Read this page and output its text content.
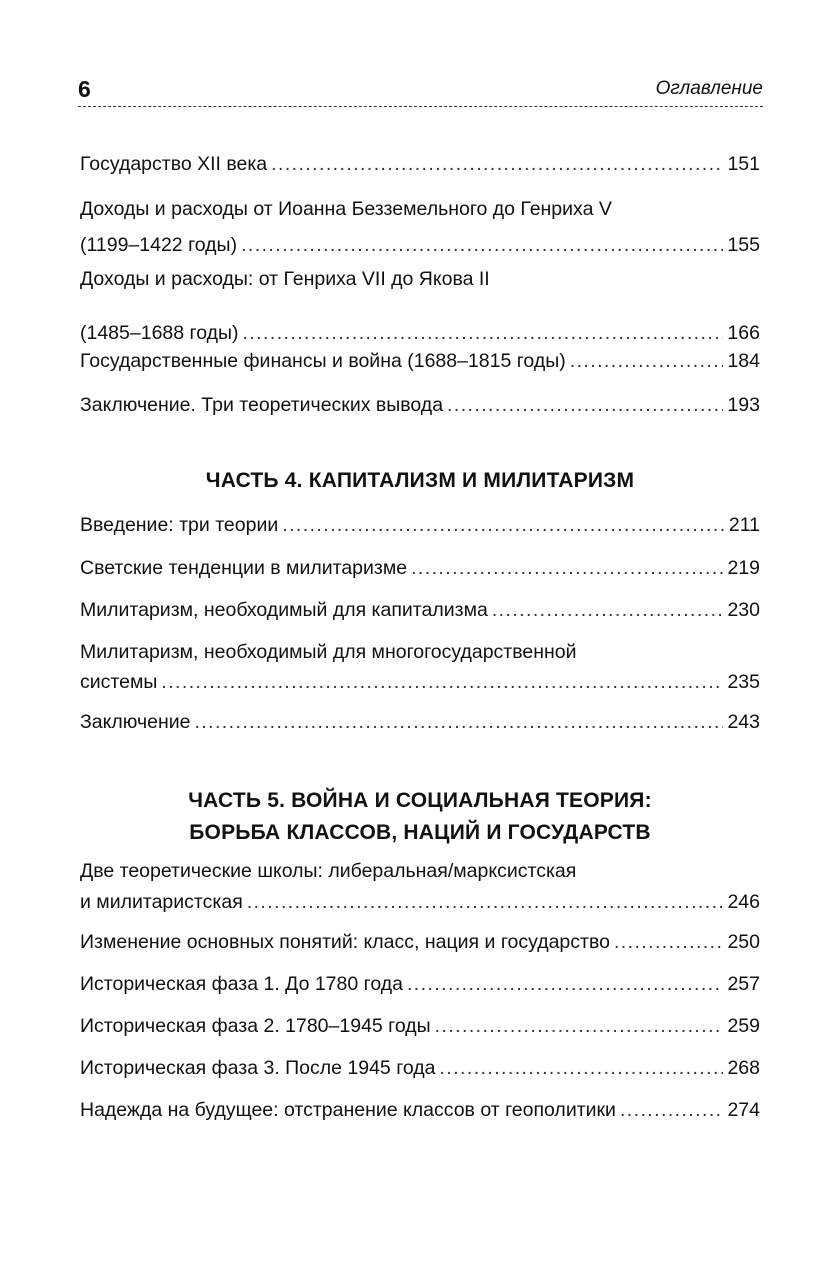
6	Оглавление
Государство XII века . . .	151
Доходы и расходы от Иоанна Безземельного до Генриха V
(1199–1422 годы) . . .	155
Доходы и расходы: от Генриха VII до Якова II
(1485–1688 годы) . . .	166
Государственные финансы и война (1688–1815 годы) . . .	184
Заключение. Три теоретических вывода . . .	193
ЧАСТЬ 4. КАПИТАЛИЗМ И МИЛИТАРИЗМ
Введение: три теории . . .	211
Светские тенденции в милитаризме . . .	219
Милитаризм, необходимый для капитализма . . .	230
Милитаризм, необходимый для многогосударственной
системы . . .	235
Заключение . . .	243
ЧАСТЬ 5. ВОЙНА И СОЦИАЛЬНАЯ ТЕОРИЯ:
БОРЬБА КЛАССОВ, НАЦИЙ И ГОСУДАРСТВ
Две теоретические школы: либеральная/марксистская
и милитаристская . . .	246
Изменение основных понятий: класс, нация и государство . . .	250
Историческая фаза 1. До 1780 года . . .	257
Историческая фаза 2. 1780–1945 годы . . .	259
Историческая фаза 3. После 1945 года . . .	268
Надежда на будущее: отстранение классов от геополитики . . .	274
